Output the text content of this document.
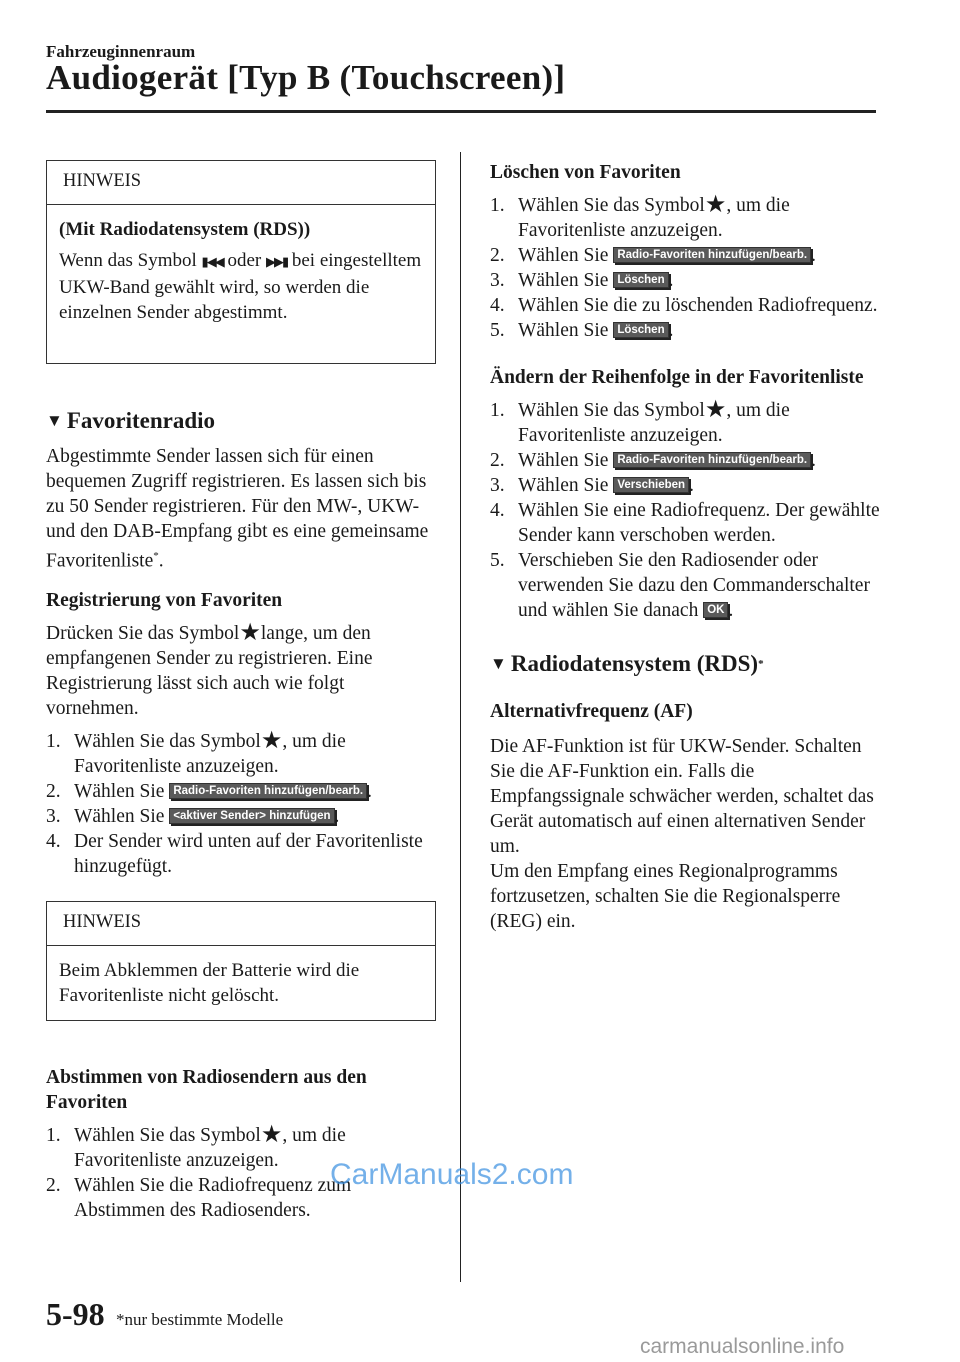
Fahrzeuginnenraum
Audiogerät [Typ B (Touchscreen)]
HINWEIS

(Mit Radiodatensystem (RDS))

Wenn das Symbol ▮◀◀ oder ▶▶▮ bei eingestelltem UKW-Band gewählt wird, so werden die einzelnen Sender abgestimmt.

▼ Favoritenradio

Abgestimmte Sender lassen sich für einen bequemen Zugriff registrieren. Es lassen sich bis zu 50 Sender registrieren. Für den MW-, UKW- und den DAB-Empfang gibt es eine gemeinsame Favoritenliste*.

Registrierung von Favoriten

Drücken Sie das Symbol★lange, um den empfangenen Sender zu registrieren. Eine Registrierung lässt sich auch wie folgt vornehmen.

1. Wählen Sie das Symbol★, um die Favoritenliste anzuzeigen.
2. Wählen Sie Radio-Favoriten hinzufügen/bearb. .
3. Wählen Sie <aktiver Sender> hinzufügen .
4. Der Sender wird unten auf der Favoritenliste hinzugefügt.
HINWEIS

Beim Abklemmen der Batterie wird die Favoritenliste nicht gelöscht.

Abstimmen von Radiosendern aus den Favoriten
1. Wählen Sie das Symbol★, um die Favoritenliste anzuzeigen.
2. Wählen Sie die Radiofrequenz zum Abstimmen des Radiosenders.
Löschen von Favoriten
1. Wählen Sie das Symbol★, um die Favoritenliste anzuzeigen.
2. Wählen Sie Radio-Favoriten hinzufügen/bearb. .
3. Wählen Sie Löschen .
4. Wählen Sie die zu löschenden Radiofrequenz.
5. Wählen Sie Löschen .
Ändern der Reihenfolge in der Favoritenliste
1. Wählen Sie das Symbol★, um die Favoritenliste anzuzeigen.
2. Wählen Sie Radio-Favoriten hinzufügen/bearb. .
3. Wählen Sie Verschieben .
4. Wählen Sie eine Radiofrequenz. Der gewählte Sender kann verschoben werden.
5. Verschieben Sie den Radiosender oder verwenden Sie dazu den Commanderschalter und wählen Sie danach OK .
▼ Radiodatensystem (RDS) *
Alternativfrequenz (AF)

Die AF-Funktion ist für UKW-Sender. Schalten Sie die AF-Funktion ein. Falls die Empfangssignale schwächer werden, schaltet das Gerät automatisch auf einen alternativen Sender um.

Um den Empfang eines Regionalprogramms fortzusetzen, schalten Sie die Regionalsperre (REG) ein.

5-98 *nur bestimmte Modelle
CarManuals2.com
carmanualsonline.info
